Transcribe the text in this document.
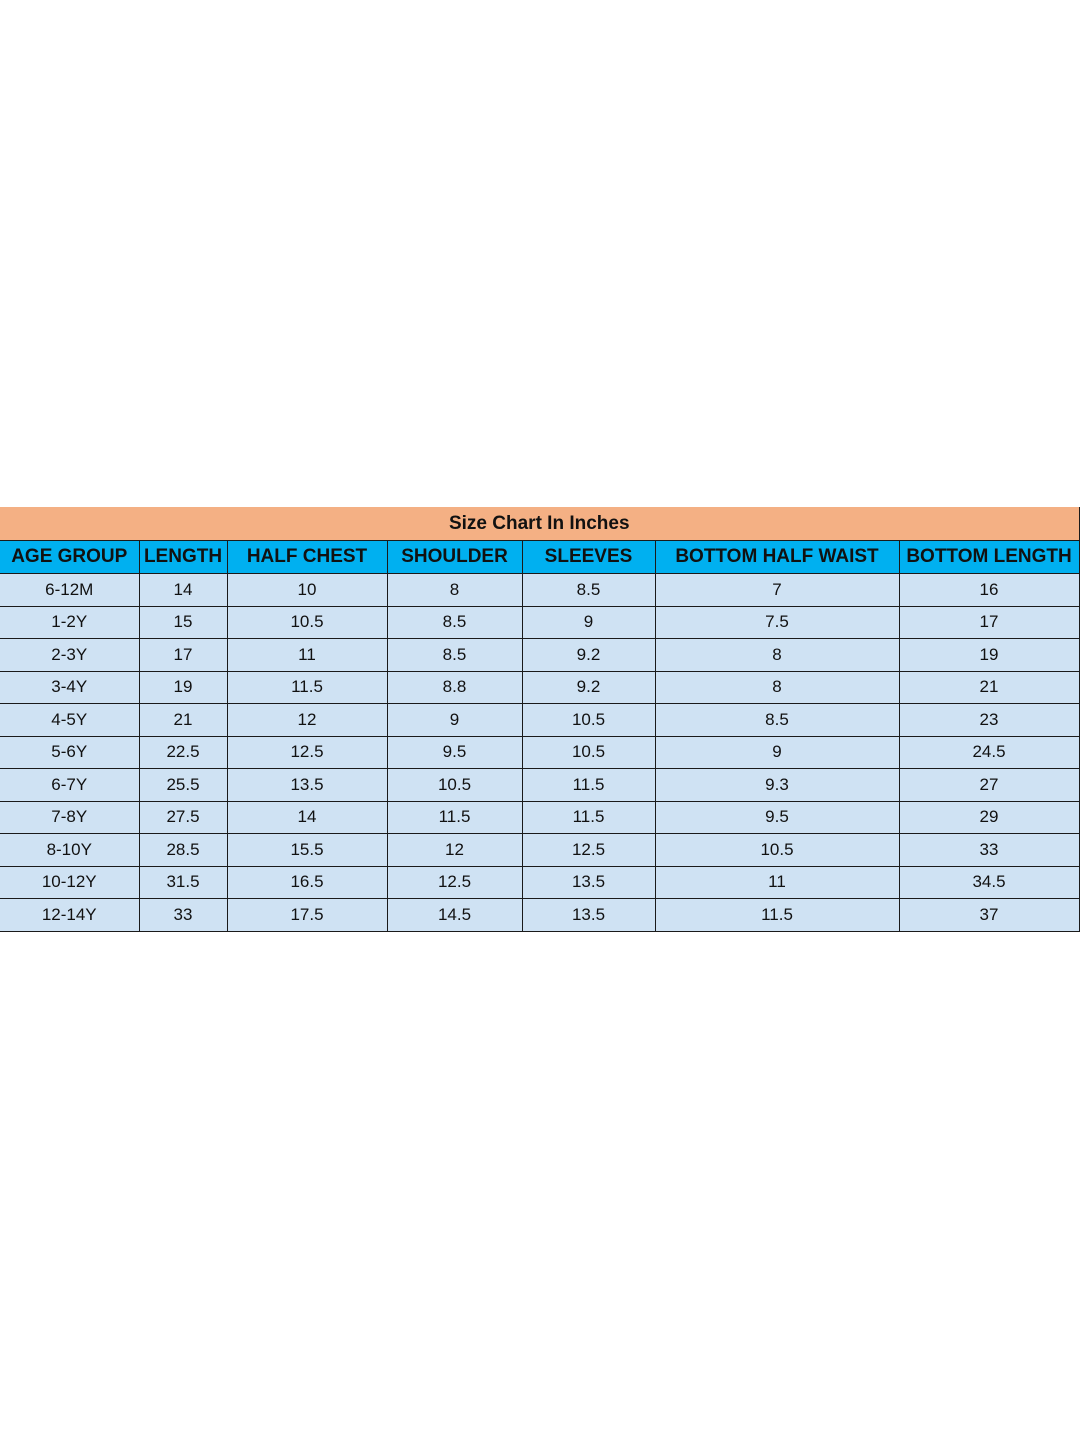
Size Chart In Inches						
AGE GROUP	LENGTH	HALF CHEST	SHOULDER	SLEEVES	BOTTOM HALF WAIST	BOTTOM LENGTH
6-12M	14	10	8	8.5	7	16
1-2Y	15	10.5	8.5	9	7.5	17
2-3Y	17	11	8.5	9.2	8	19
3-4Y	19	11.5	8.8	9.2	8	21
4-5Y	21	12	9	10.5	8.5	23
5-6Y	22.5	12.5	9.5	10.5	9	24.5
6-7Y	25.5	13.5	10.5	11.5	9.3	27
7-8Y	27.5	14	11.5	11.5	9.5	29
8-10Y	28.5	15.5	12	12.5	10.5	33
10-12Y	31.5	16.5	12.5	13.5	11	34.5
12-14Y	33	17.5	14.5	13.5	11.5	37
